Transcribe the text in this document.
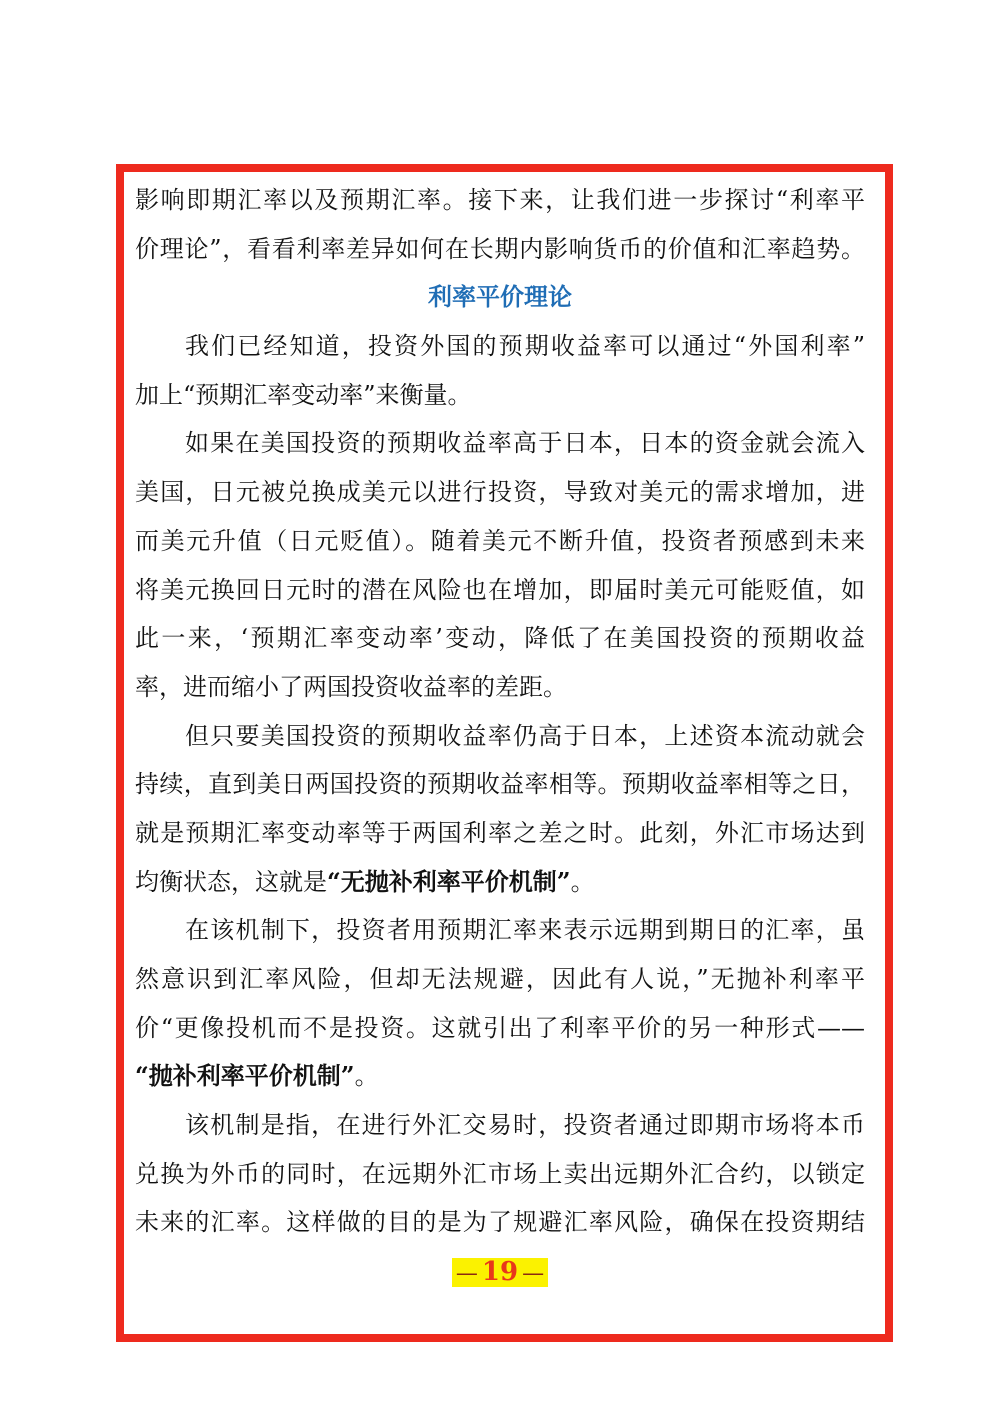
影响即期汇率以及预期汇率。接下来，让我们进一步探讨“利率平
价理论”，看看利率差异如何在长期内影响货币的价值和汇率趋势。
利率平价理论
我们已经知道，投资外国的预期收益率可以通过“外国利率”
加上“预期汇率变动率”来衡量。
如果在美国投资的预期收益率高于日本，日本的资金就会流入
美国，日元被兑换成美元以进行投资，导致对美元的需求增加，进
而美元升值（日元贬值）。随着美元不断升值，投资者预感到未来
将美元换回日元时的潜在风险也在增加，即届时美元可能贬值，如
此一来，‘预期汇率变动率’变动，降低了在美国投资的预期收益
率，进而缩小了两国投资收益率的差距。
但只要美国投资的预期收益率仍高于日本，上述资本流动就会
持续，直到美日两国投资的预期收益率相等。预期收益率相等之日，
就是预期汇率变动率等于两国利率之差之时。此刻，外汇市场达到
均衡状态，这就是“无抛补利率平价机制”。
在该机制下，投资者用预期汇率来表示远期到期日的汇率，虽
然意识到汇率风险，但却无法规避，因此有人说，”无抛补利率平
价“更像投机而不是投资。这就引出了利率平价的另一种形式——
“抛补利率平价机制”。
该机制是指，在进行外汇交易时，投资者通过即期市场将本币
兑换为外币的同时，在远期外汇市场上卖出远期外汇合约，以锁定
未来的汇率。这样做的目的是为了规避汇率风险，确保在投资期结
— 19 —
